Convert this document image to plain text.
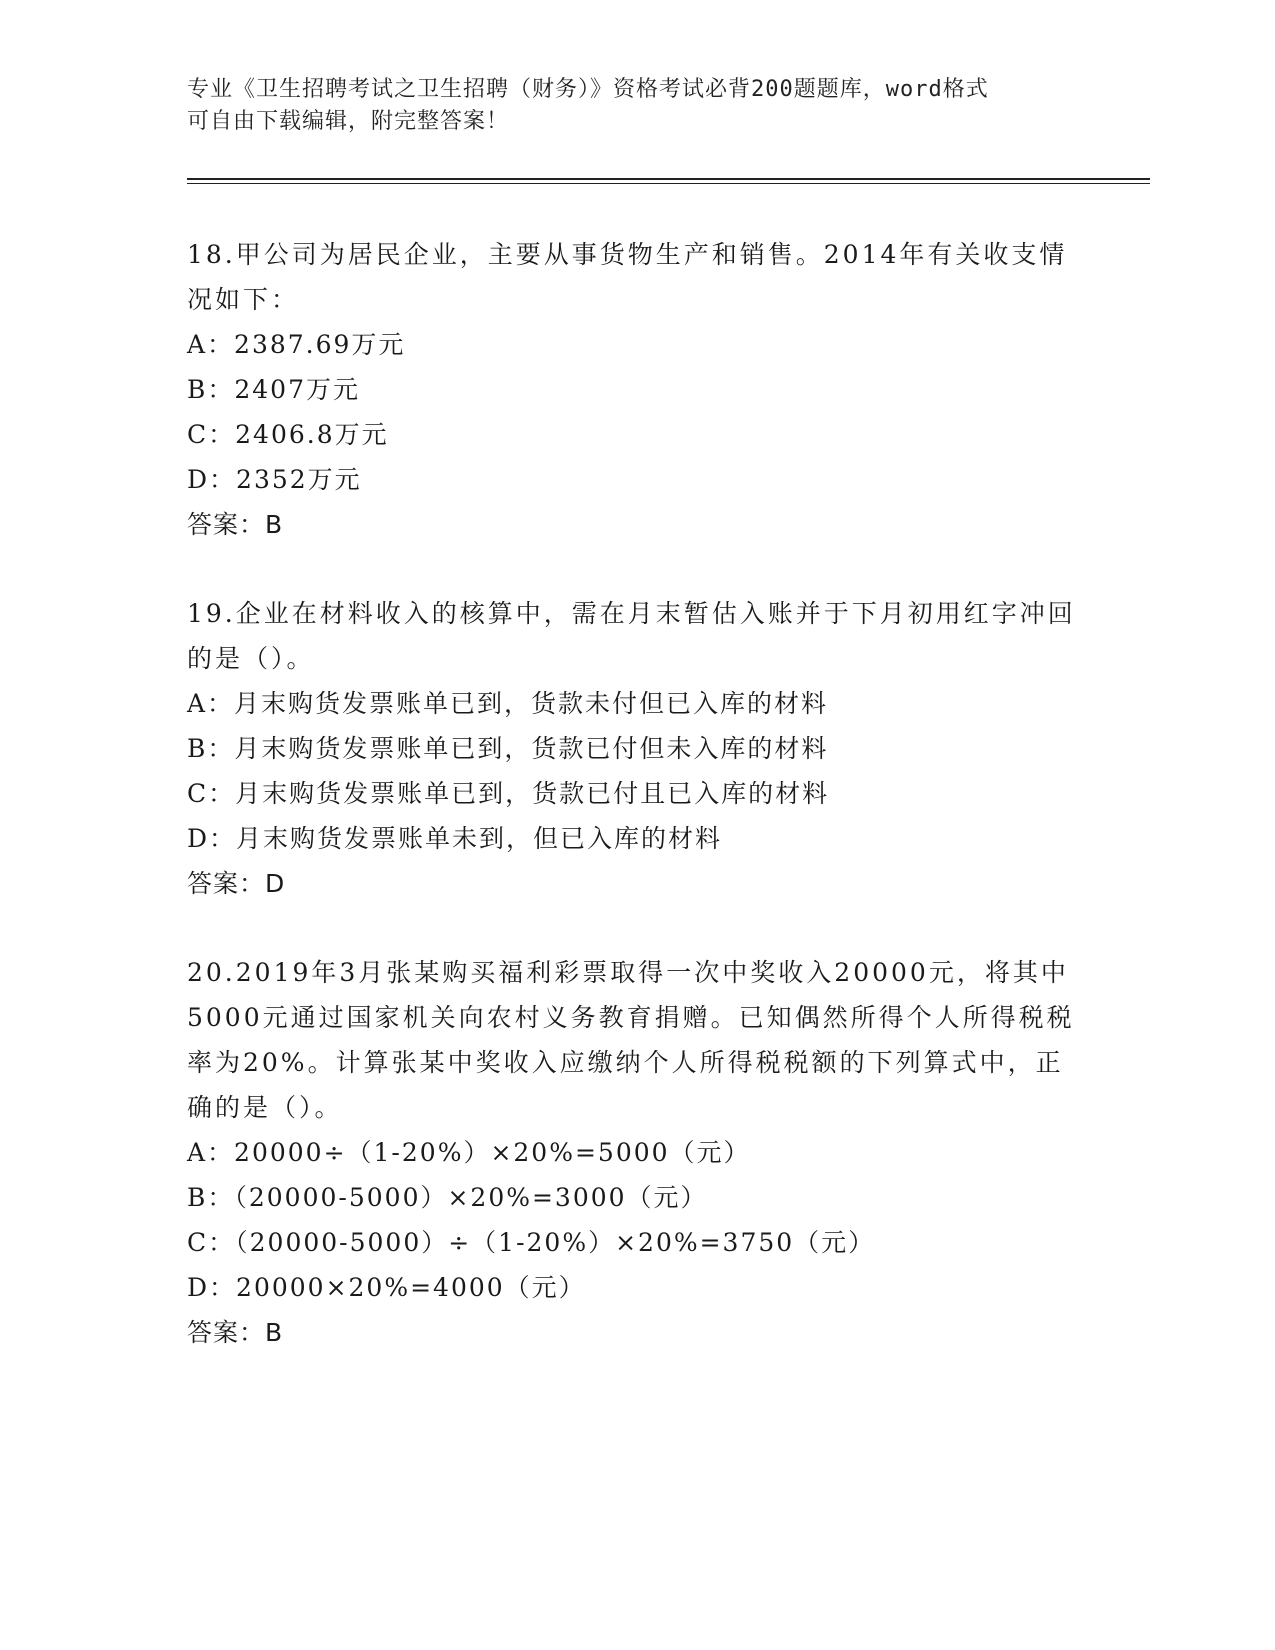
专业《卫生招聘考试之卫生招聘（财务）》资格考试必背200题题库，word格式
可自由下载编辑，附完整答案！

18.甲公司为居民企业，主要从事货物生产和销售。2014年有关收支情况如下：

A：2387.69万元

B：2407万元

C：2406.8万元

D：2352万元

答案：B

19.企业在材料收入的核算中，需在月末暂估入账并于下月初用红字冲回的是（）。

A：月末购货发票账单已到，货款未付但已入库的材料

B：月末购货发票账单已到，货款已付但未入库的材料

C：月末购货发票账单已到，货款已付且已入库的材料

D：月末购货发票账单未到，但已入库的材料

答案：D

20.2019年3月张某购买福利彩票取得一次中奖收入20000元，将其中5000元通过国家机关向农村义务教育捐赠。已知偶然所得个人所得税税率为20%。计算张某中奖收入应缴纳个人所得税税额的下列算式中，正确的是（）。

A：20000÷（1-20%）×20%=5000（元）

B：（20000-5000）×20%=3000（元）

C：（20000-5000）÷（1-20%）×20%=3750（元）

D：20000×20%=4000（元）

答案：B
